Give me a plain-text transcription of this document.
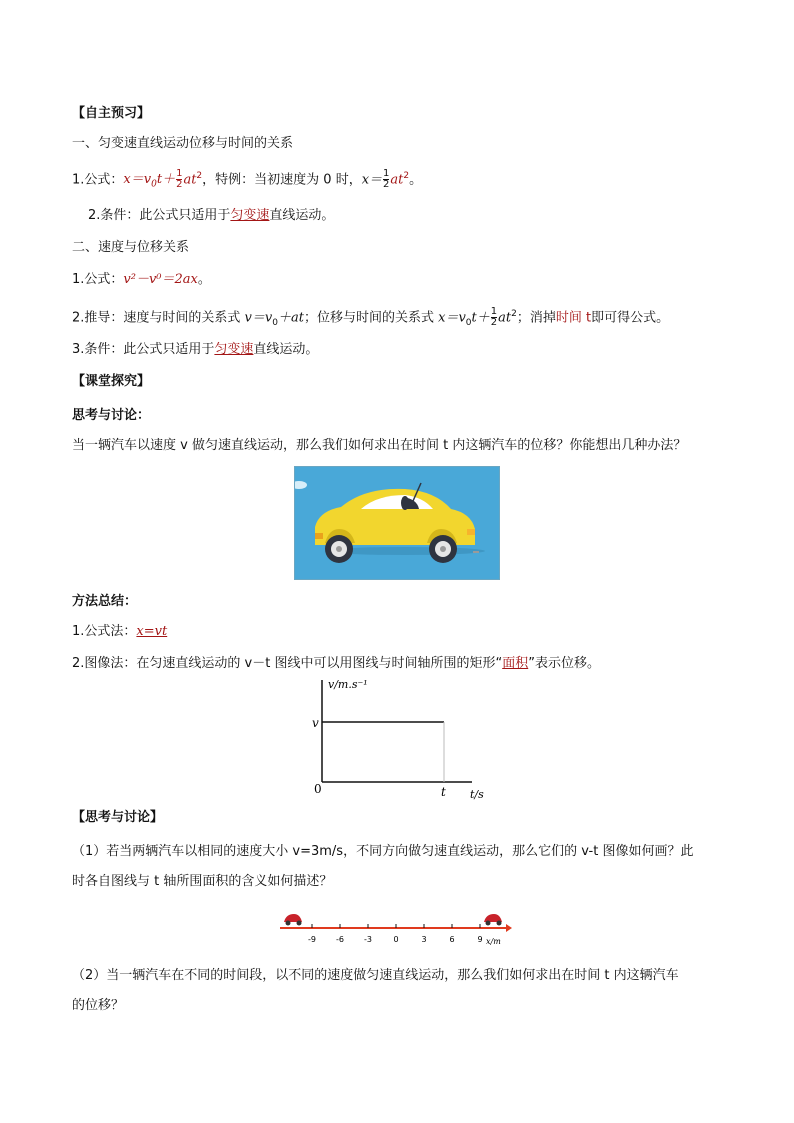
【自主预习】
一、匀变速直线运动位移与时间的关系
1.公式：$x=v_0t+ \frac{1}{2} at^2$，特例：当初速度为 0 时，$x= \frac{1}{2} at^2$。
2.条件：此公式只适用于匀变速直线运动。
二、速度与位移关系
1.公式：v²－v⁰＝2ax。
2.推导：速度与时间的关系式 $v=v_0+at$；位移与时间的关系式 $x=v_0t+ \frac{1}{2} at^2$；消掉时间 t即可得公式。
3.条件：此公式只适用于匀变速直线运动。
【课堂探究】
思考与讨论：
当一辆汽车以速度 v 做匀速直线运动，那么我们如何求出在时间 t 内这辆汽车的位移？你能想出几种办法？
方法总结：
1.公式法：x=vt
2.图像法：在匀速直线运动的 v－t 图线中可以用图线与时间轴所围的矩形“面积”表示位移。
v/m.s⁻¹
v
0	t t/s
【思考与讨论】
（1）若当两辆汽车以相同的速度大小 v=3m/s，不同方向做匀速直线运动，那么它们的 v-t 图像如何画？此
时各自图线与 t 轴所围面积的含义如何描述？
-9	-6	-3	0	3	6	9 x/m
（2）当一辆汽车在不同的时间段，以不同的速度做匀速直线运动，那么我们如何求出在时间 t 内这辆汽车
的位移？
